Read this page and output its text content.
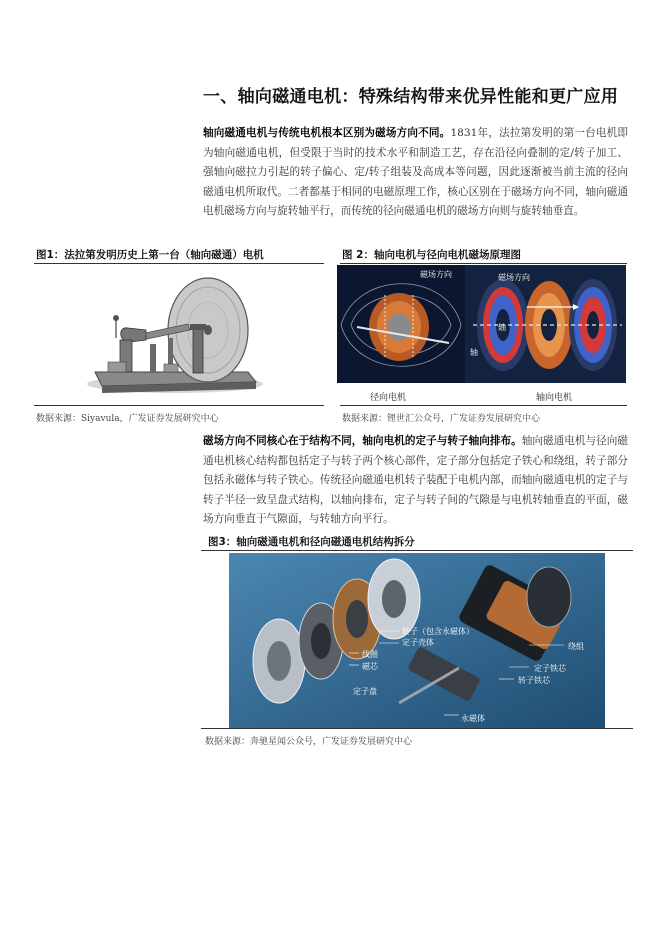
一、轴向磁通电机：特殊结构带来优异性能和更广应用
轴向磁通电机与传统电机根本区别为磁场方向不同。1831年，法拉第发明的第一台电机即为轴向磁通电机，但受限于当时的技术水平和制造工艺，存在沿径向叠制的定/转子加工、强轴向磁拉力引起的转子偏心、定/转子组装及高成本等问题，因此逐渐被当前主流的径向磁通电机所取代。二者都基于相同的电磁原理工作，核心区别在于磁场方向不同，轴向磁通电机磁场方向与旋转轴平行，而传统的径向磁通电机的磁场方向则与旋转轴垂直。
图1：法拉第发明历史上第一台（轴向磁通）电机
数据来源：Siyavula，广发证券发展研究中心
图 2：轴向电机与径向电机磁场原理图
磁场方向	磁场方向
轴
轴
径向电机	轴向电机
数据来源：锂世汇公众号，广发证券发展研究中心
磁场方向不同核心在于结构不同，轴向电机的定子与转子轴向排布。轴向磁通电机与径向磁通电机核心结构都包括定子与转子两个核心部件，定子部分包括定子铁心和绕组，转子部分包括永磁体与转子铁心。传统径向磁通电机转子装配于电机内部，而轴向磁通电机的定子与转子半径一致呈盘式结构，以轴向排布，定子与转子间的气隙是与电机转轴垂直的平面，磁场方向垂直于气隙面，与转轴方向平行。
图3：轴向磁通电机和径向磁通电机结构拆分
转子（包含永磁体）
定子壳体
线圈
磁芯
定子盘
绕组
定子铁芯
转子铁芯
永磁体
数据来源：奔驰星闻公众号，广发证券发展研究中心
